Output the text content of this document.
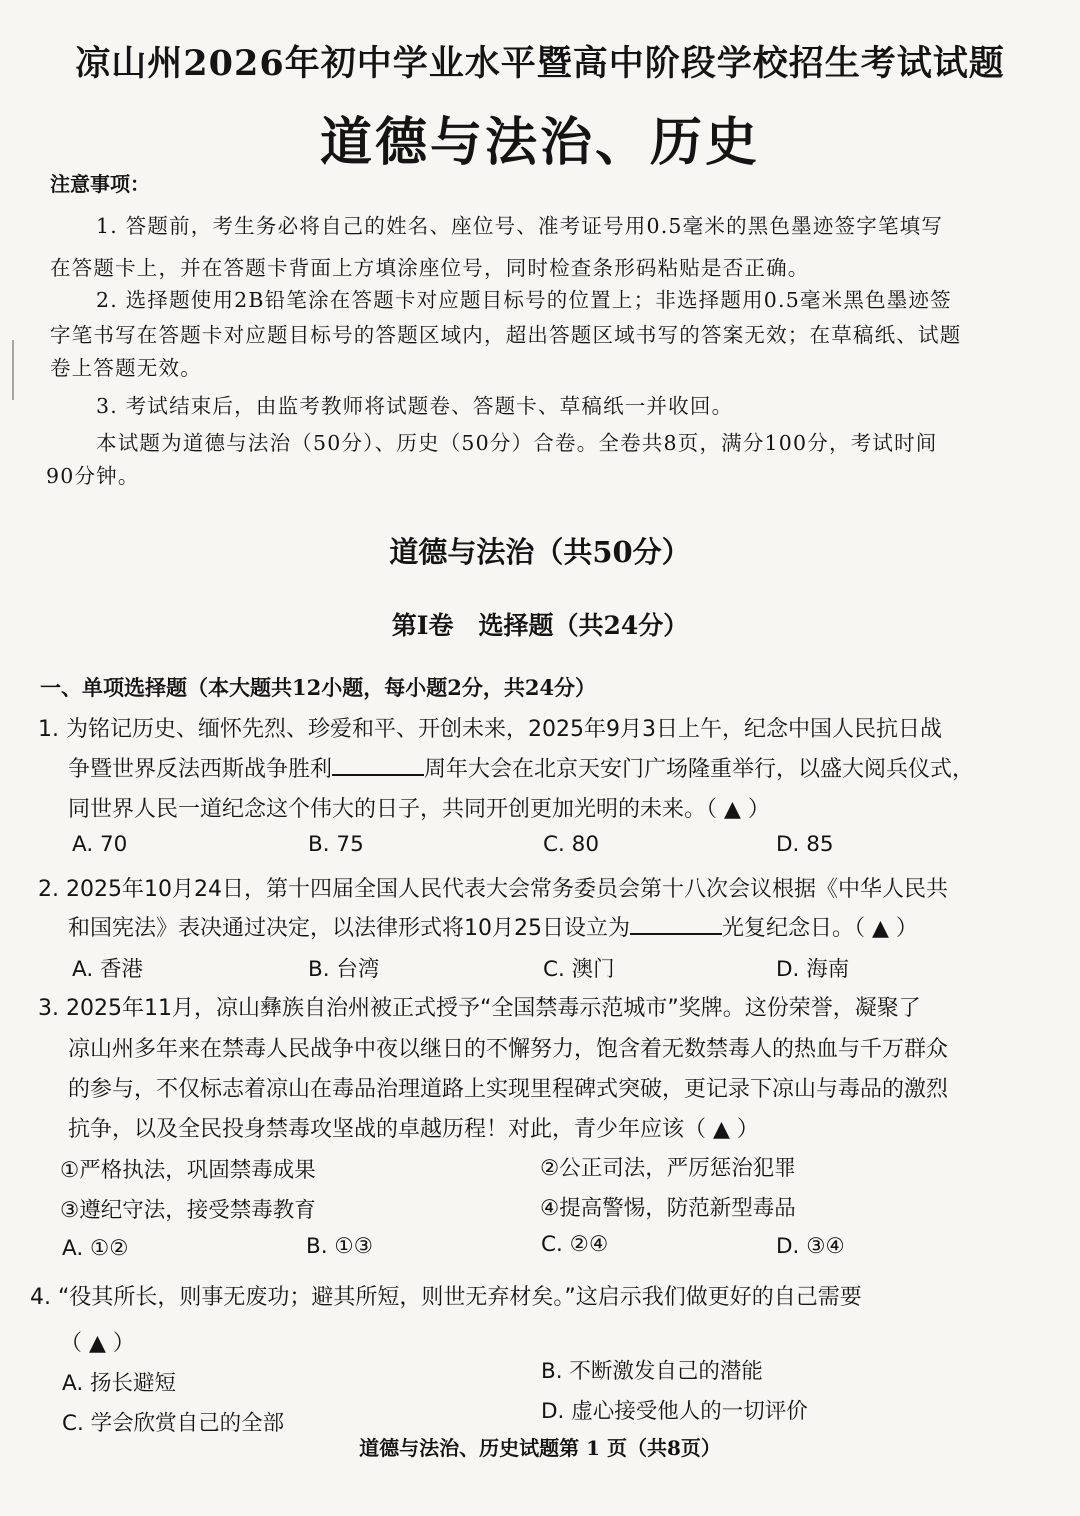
凉山州2026年初中学业水平暨高中阶段学校招生考试试题
道德与法治、历史
注意事项：
1. 答题前，考生务必将自己的姓名、座位号、准考证号用0.5毫米的黑色墨迹签字笔填写
在答题卡上，并在答题卡背面上方填涂座位号，同时检查条形码粘贴是否正确。
2. 选择题使用2B铅笔涂在答题卡对应题目标号的位置上；非选择题用0.5毫米黑色墨迹签
字笔书写在答题卡对应题目标号的答题区域内，超出答题区域书写的答案无效；在草稿纸、试题
卷上答题无效。
3. 考试结束后，由监考教师将试题卷、答题卡、草稿纸一并收回。
本试题为道德与法治（50分）、历史（50分）合卷。全卷共8页，满分100分，考试时间
90分钟。
道德与法治（共50分）
第Ⅰ卷　选择题（共24分）
一、单项选择题（本大题共12小题，每小题2分，共24分）
1. 为铭记历史、缅怀先烈、珍爱和平、开创未来，2025年9月3日上午，纪念中国人民抗日战
争暨世界反法西斯战争胜利	周年大会在北京天安门广场隆重举行，以盛大阅兵仪式，
同世界人民一道纪念这个伟大的日子，共同开创更加光明的未来。（ ▲ ）
A. 70	B. 75	C. 80	D. 85
2. 2025年10月24日，第十四届全国人民代表大会常务委员会第十八次会议根据《中华人民共
和国宪法》表决通过决定，以法律形式将10月25日设立为	光复纪念日。（ ▲ ）
A. 香港	B. 台湾	C. 澳门	D. 海南
3. 2025年11月，凉山彝族自治州被正式授予“全国禁毒示范城市”奖牌。这份荣誉，凝聚了
凉山州多年来在禁毒人民战争中夜以继日的不懈努力，饱含着无数禁毒人的热血与千万群众
的参与，不仅标志着凉山在毒品治理道路上实现里程碑式突破，更记录下凉山与毒品的激烈
抗争，以及全民投身禁毒攻坚战的卓越历程！对此，青少年应该（ ▲ ）
①严格执法，巩固禁毒成果	②公正司法，严厉惩治犯罪
③遵纪守法，接受禁毒教育	④提高警惕，防范新型毒品
A. ①②	B. ①③	C. ②④	D. ③④
4. “役其所长，则事无废功；避其所短，则世无弃材矣。”这启示我们做更好的自己需要
（ ▲ ）
A. 扬长避短	B. 不断激发自己的潜能
C. 学会欣赏自己的全部	D. 虚心接受他人的一切评价
道德与法治、历史试题第 1 页（共8页）
